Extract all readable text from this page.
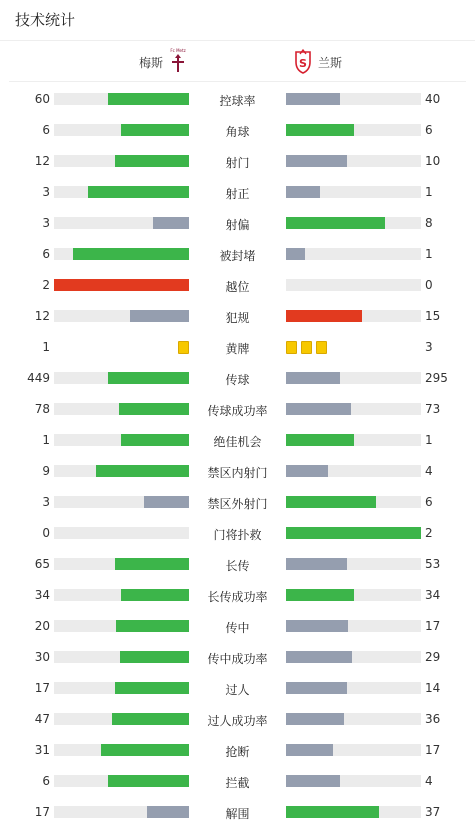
技术统计
梅斯
Fc Metz
S 兰斯
60	控球率	40
6	角球	6
12	射门	10
3	射正	1
3	射偏	8
6	被封堵	1
2	越位	0
12	犯规	15
1	黄牌	3
449	传球	295
78	传球成功率	73
1	绝佳机会	1
9	禁区内射门	4
3	禁区外射门	6
0	门将扑救	2
65	长传	53
34	长传成功率	34
20	传中	17
30	传中成功率	29
17	过人	14
47	过人成功率	36
31	抢断	17
6	拦截	4
17	解围	37
